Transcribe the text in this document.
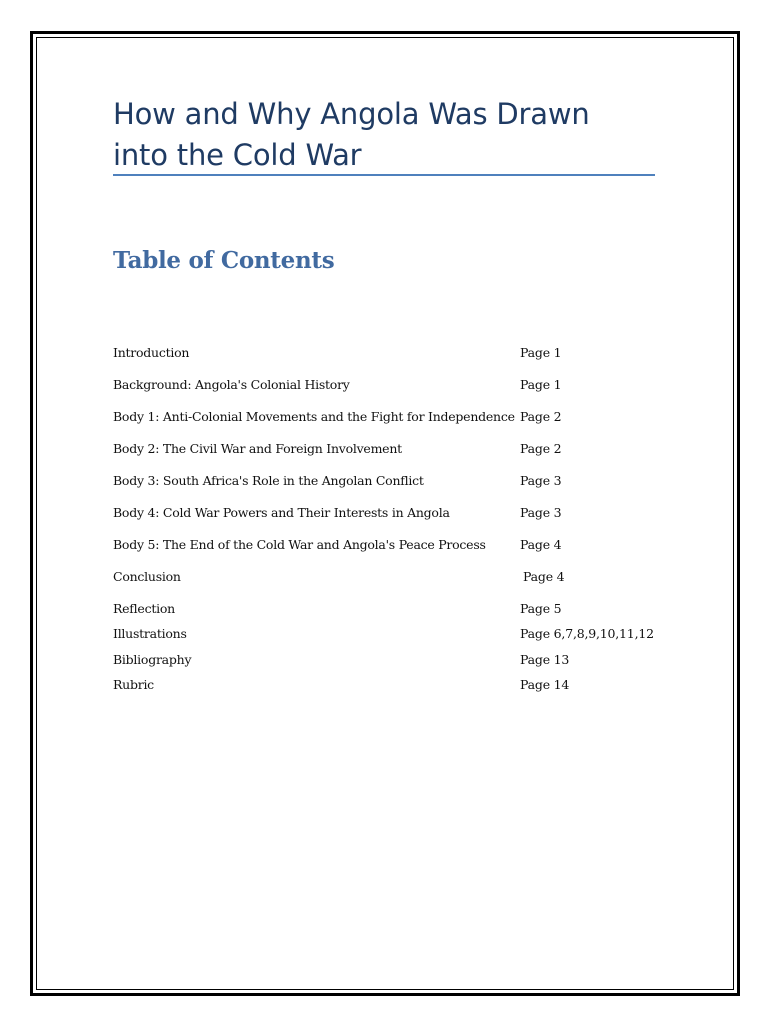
How and Why Angola Was Drawn into the Cold War
Table of Contents
Introduction	Page 1
Background: Angola's Colonial History	Page 1
Body 1: Anti-Colonial Movements and the Fight for Independence Page 2
Body 2: The Civil War and Foreign Involvement	Page 2
Body 3: South Africa's Role in the Angolan Conflict	Page 3
Body 4: Cold War Powers and Their Interests in Angola	Page 3
Body 5: The End of the Cold War and Angola's Peace Process	Page 4
Conclusion	Page 4
Reflection	Page 5
Illustrations	Page 6,7,8,9,10,11,12
Bibliography	Page 13
Rubric	Page 14
